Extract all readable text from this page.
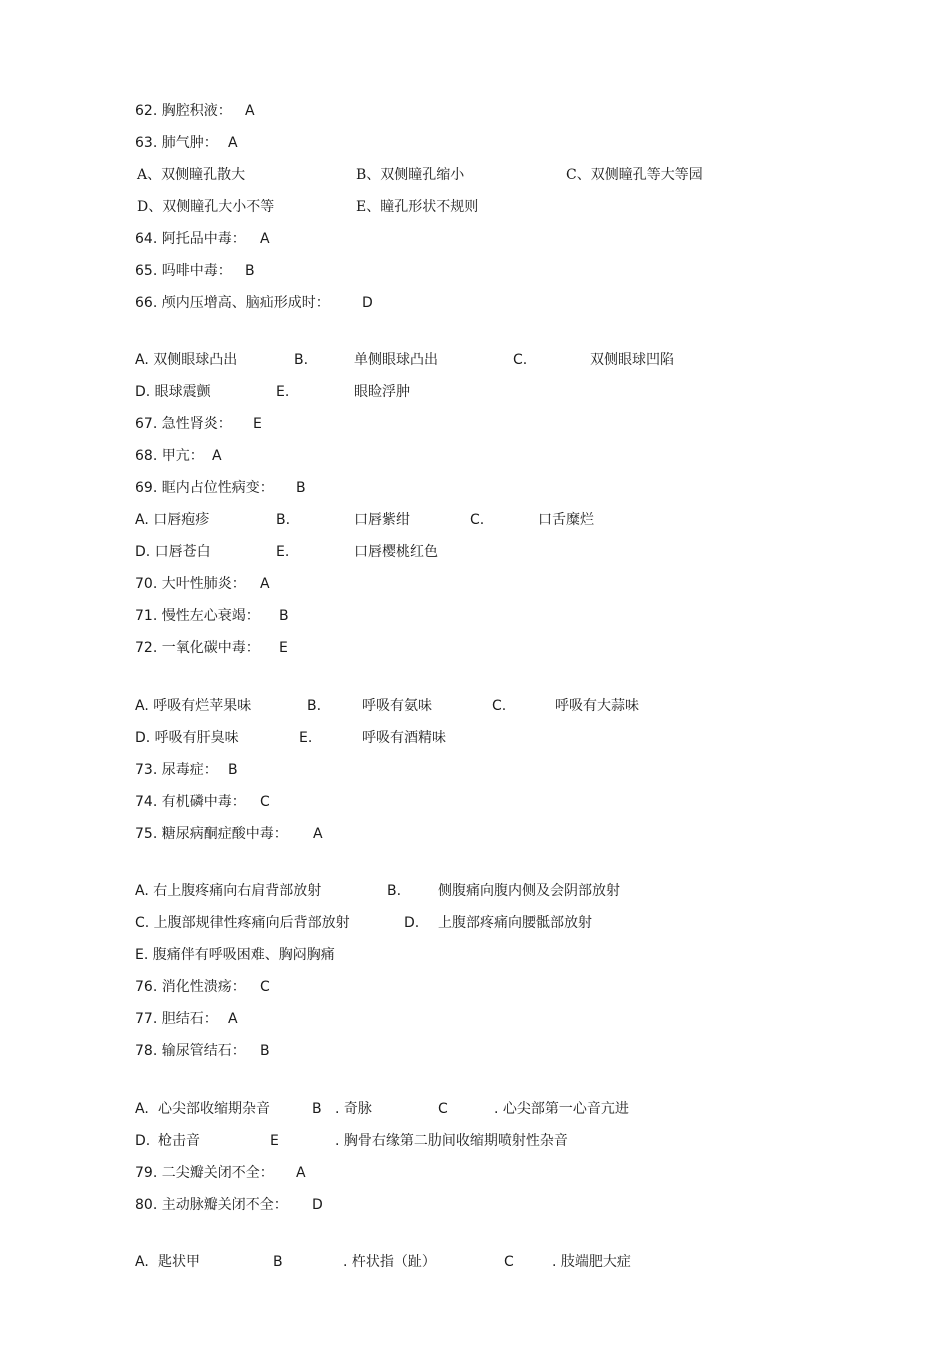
62. 胸腔积液： A
63. 肺气肿： A
A、双侧瞳孔散大	B、双侧瞳孔缩小	C、双侧瞳孔等大等园
D、双侧瞳孔大小不等	E、瞳孔形状不规则
64. 阿托品中毒： A
65. 吗啡中毒： B
66. 颅内压增高、脑疝形成时： D
A. 双侧眼球凸出	B.	单侧眼球凸出	C.	双侧眼球凹陷
D. 眼球震颤	E.	眼睑浮肿
67. 急性肾炎： E
68. 甲亢： A
69. 眶内占位性病变： B
A. 口唇疱疹	B.	口唇紫绀	C.	口舌糜烂
D. 口唇苍白	E.	口唇樱桃红色
70. 大叶性肺炎： A
71. 慢性左心衰竭： B
72. 一氧化碳中毒： E
A. 呼吸有烂苹果味	B.	呼吸有氨味	C.	呼吸有大蒜味
D. 呼吸有肝臭味	E.	呼吸有酒精味
73. 尿毒症： B
74. 有机磷中毒： C
75. 糖尿病酮症酸中毒： A
A. 右上腹疼痛向右肩背部放射	B.	侧腹痛向腹内侧及会阴部放射
C. 上腹部规律性疼痛向后背部放射	D. 上腹部疼痛向腰骶部放射
E. 腹痛伴有呼吸困难、胸闷胸痛
76. 消化性溃疡： C
77. 胆结石： A
78. 输尿管结石： B
A. 心尖部收缩期杂音	B . 奇脉	C	. 心尖部第一心音亢进
D. 枪击音	E	. 胸骨右缘第二肋间收缩期喷射性杂音
79. 二尖瓣关闭不全： A
80. 主动脉瓣关闭不全： D
A. 匙状甲	B	. 杵状指（趾）	C	. 肢端肥大症
